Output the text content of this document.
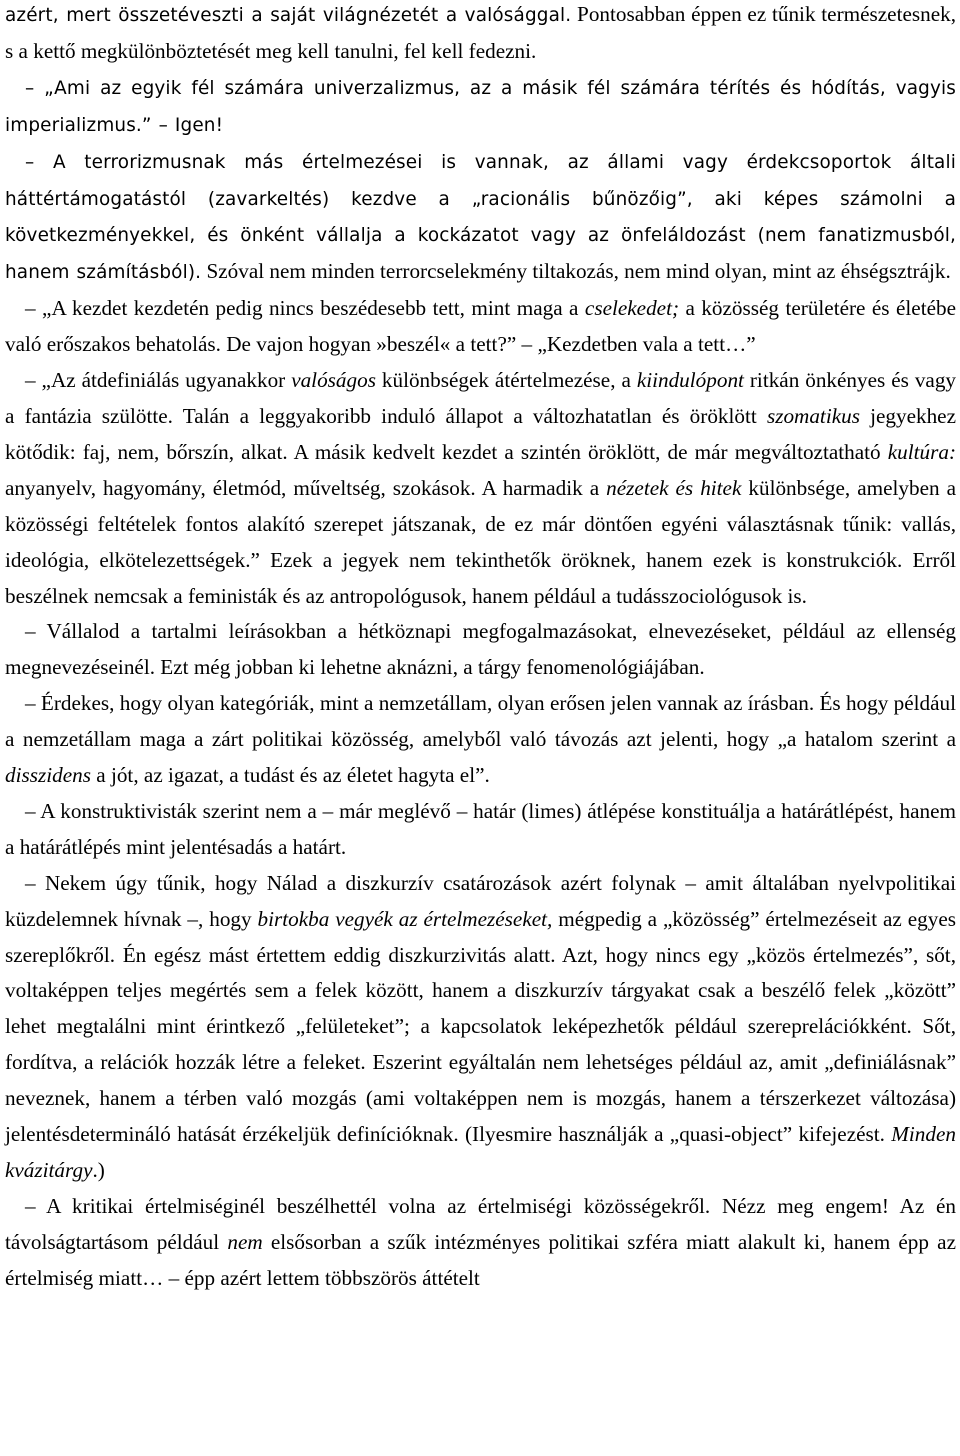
azért, mert összetéveszti a saját világnézetét a valósággal. Pontosabban éppen ez tűnik természetesnek, s a kettő megkülönböztetését meg kell tanulni, fel kell fedezni.

– „Ami az egyik fél számára univerzalizmus, az a másik fél számára térítés és hódítás, vagyis imperializmus.” – Igen!

– A terrorizmusnak más értelmezései is vannak, az állami vagy érdekcsoportok általi háttértámogatástól (zavarkeltés) kezdve a „racionális bűnözőig”, aki képes számolni a következményekkel, és önként vállalja a kockázatot vagy az önfeláldozást (nem fanatizmusból, hanem számításból). Szóval nem minden terrorcselekmény tiltakozás, nem mind olyan, mint az éhségsztrájk.

– „A kezdet kezdetén pedig nincs beszédesebb tett, mint maga a cselekedet; a közösség területére és életébe való erőszakos behatolás. De vajon hogyan »beszél« a tett?” – „Kezdetben vala a tett…”

– „Az átdefiniálás ugyanakkor valóságos különbségek átértelmezése, a kiindulópont ritkán önkényes és vagy a fantázia szülötte. Talán a leggyakoribb induló állapot a változhatatlan és öröklött szomatikus jegyekhez kötődik: faj, nem, bőrszín, alkat. A másik kedvelt kezdet a szintén öröklött, de már megváltoztatható kultúra: anyanyelv, hagyomány, életmód, műveltség, szokások. A harmadik a nézetek és hitek különbsége, amelyben a közösségi feltételek fontos alakító szerepet játszanak, de ez már döntően egyéni választásnak tűnik: vallás, ideológia, elkötelezettségek.” Ezek a jegyek nem tekinthetők öröknek, hanem ezek is konstrukciók. Erről beszélnek nemcsak a feministák és az antropológusok, hanem például a tudásszociológusok is.

– Vállalod a tartalmi leírásokban a hétköznapi megfogalmazásokat, elnevezéseket, például az ellenség megnevezéseinél. Ezt még jobban ki lehetne aknázni, a tárgy fenomenológiájában.

– Érdekes, hogy olyan kategóriák, mint a nemzetállam, olyan erősen jelen vannak az írásban. És hogy például a nemzetállam maga a zárt politikai közösség, amelyből való távozás azt jelenti, hogy „a hatalom szerint a disszidens a jót, az igazat, a tudást és az életet hagyta el”.

– A konstruktivisták szerint nem a – már meglévő – határ (limes) átlépése konstituálja a határátlépést, hanem a határátlépés mint jelentésadás a határt.

– Nekem úgy tűnik, hogy Nálad a diszkurzív csatározások azért folynak – amit általában nyelvpolitikai küzdelemnek hívnak –, hogy birtokba vegyék az értelmezéseket, mégpedig a „közösség” értelmezéseit az egyes szereplőkről. Én egész mást értettem eddig diszkurzivitás alatt. Azt, hogy nincs egy „közös értelmezés”, sőt, voltaképpen teljes megértés sem a felek között, hanem a diszkurzív tárgyakat csak a beszélő felek „között” lehet megtalálni mint érintkező „felületeket”; a kapcsolatok leképezhetők például szereprelációkként. Sőt, fordítva, a relációk hozzák létre a feleket. Eszerint egyáltalán nem lehetséges például az, amit „definiálásnak” neveznek, hanem a térben való mozgás (ami voltaképpen nem is mozgás, hanem a térszerkezet változása) jelentésdetermináló hatását érzékeljük definícióknak. (Ilyesmire használják a „quasi-object” kifejezést. Minden kvázitárgy.)

– A kritikai értelmiséginél beszélhettél volna az értelmiségi közösségekről. Nézz meg engem! Az én távolságtartásom például nem elsősorban a szűk intézményes politikai szféra miatt alakult ki, hanem épp az értelmiség miatt… – épp azért lettem többszörös áttételt
